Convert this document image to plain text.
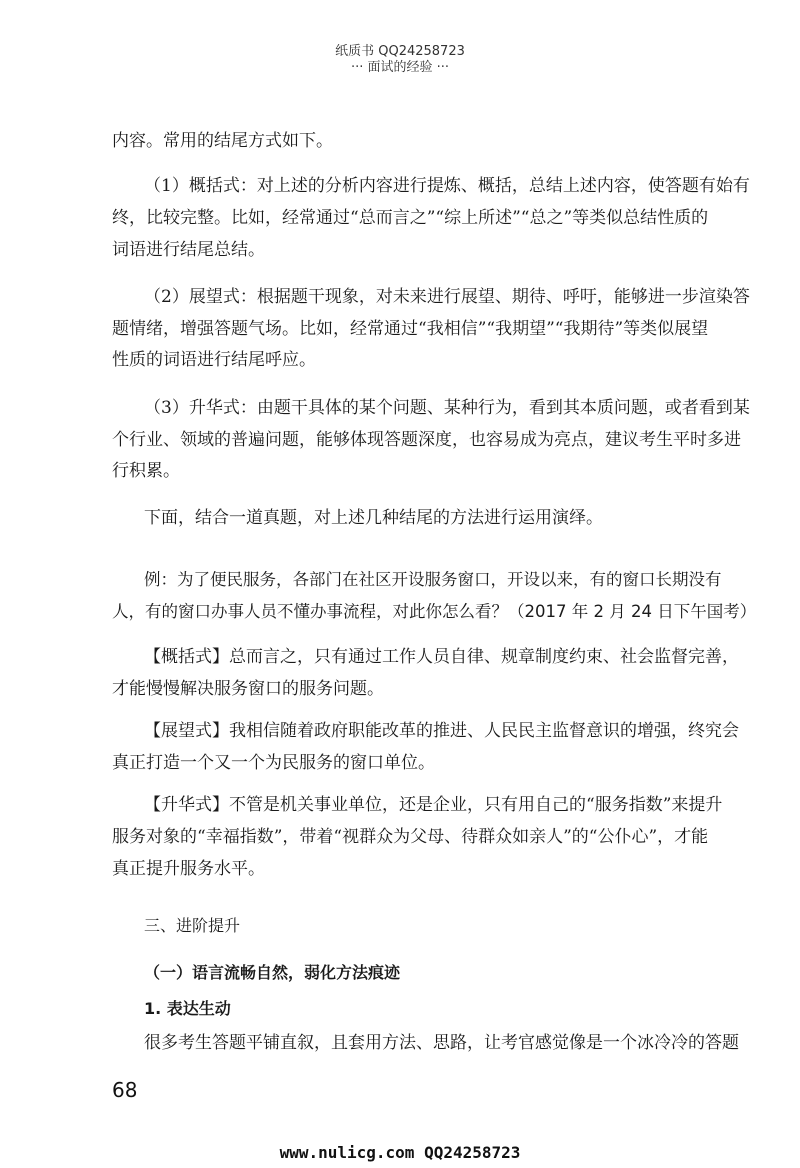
纸质书 QQ24258723
··· 面试的经验 ···
内容。常用的结尾方式如下。
（1）概括式：对上述的分析内容进行提炼、概括，总结上述内容，使答题有始有
终，比较完整。比如，经常通过“总而言之”“综上所述”“总之”等类似总结性质的
词语进行结尾总结。
（2）展望式：根据题干现象，对未来进行展望、期待、呼吁，能够进一步渲染答
题情绪，增强答题气场。比如，经常通过“我相信”“我期望”“我期待”等类似展望
性质的词语进行结尾呼应。
（3）升华式：由题干具体的某个问题、某种行为，看到其本质问题，或者看到某
个行业、领域的普遍问题，能够体现答题深度，也容易成为亮点，建议考生平时多进
行积累。
下面，结合一道真题，对上述几种结尾的方法进行运用演绎。
例：为了便民服务，各部门在社区开设服务窗口，开设以来，有的窗口长期没有
人，有的窗口办事人员不懂办事流程，对此你怎么看？（2017 年 2 月 24 日下午国考）
【概括式】总而言之，只有通过工作人员自律、规章制度约束、社会监督完善，
才能慢慢解决服务窗口的服务问题。
【展望式】我相信随着政府职能改革的推进、人民民主监督意识的增强，终究会
真正打造一个又一个为民服务的窗口单位。
【升华式】不管是机关事业单位，还是企业，只有用自己的“服务指数”来提升
服务对象的“幸福指数”，带着“视群众为父母、待群众如亲人”的“公仆心”，才能
真正提升服务水平。
三、进阶提升
（一）语言流畅自然，弱化方法痕迹
1. 表达生动
很多考生答题平铺直叙，且套用方法、思路，让考官感觉像是一个冰冷冷的答题
68
www.nulicg.com QQ24258723
